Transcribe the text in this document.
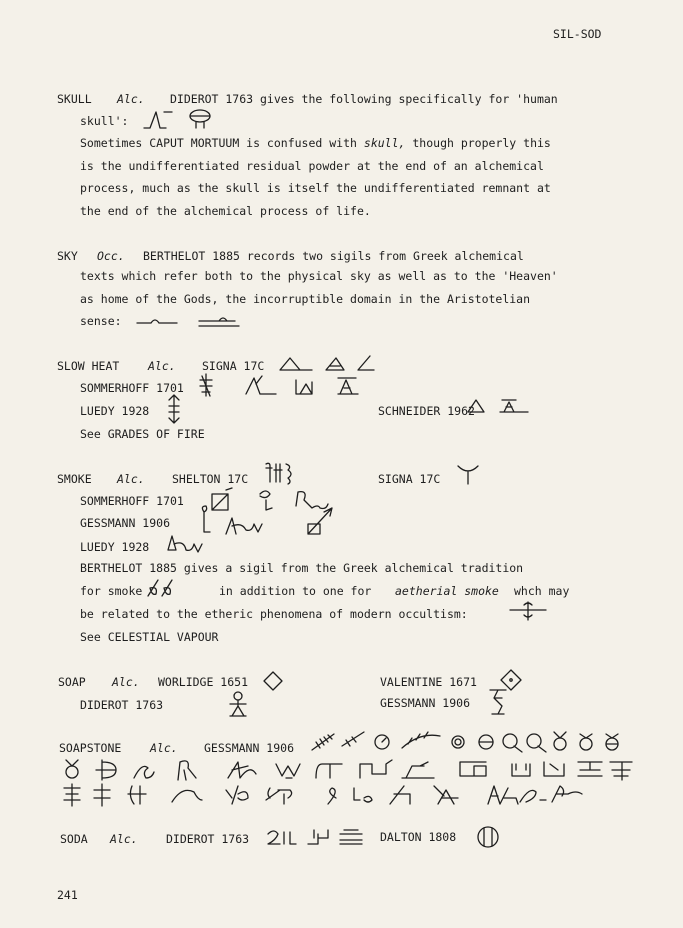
SIL-SOD
SKULL Alc. DIDEROT 1763 gives the following specifically for 'human
skull':
Sometimes CAPUT MORTUUM is confused with skull, though properly this
is the undifferentiated residual powder at the end of an alchemical
process, much as the skull is itself the undifferentiated remnant at
the end of the alchemical process of life.
SKY Occ. BERTHELOT 1885 records two sigils from Greek alchemical
texts which refer both to the physical sky as well as to the 'Heaven'
as home of the Gods, the incorruptible domain in the Aristotelian
sense:
SLOW HEAT Alc. SIGNA 17C
SOMMERHOFF 1701
LUEDY 1928	SCHNEIDER 1962
See GRADES OF FIRE
SMOKE Alc. SHELTON 17C	SIGNA 17C
SOMMERHOFF 1701
GESSMANN 1906
LUEDY 1928
BERTHELOT 1885 gives a sigil from the Greek alchemical tradition
for smoke	in addition to one for aetherial smoke whch may
be related to the etheric phenomena of modern occultism:
See CELESTIAL VAPOUR
SOAP Alc. WORLIDGE 1651	VALENTINE 1671
DIDEROT 1763	GESSMANN 1906
SOAPSTONE Alc. GESSMANN 1906
SODA Alc. DIDEROT 1763	DALTON 1808
241
